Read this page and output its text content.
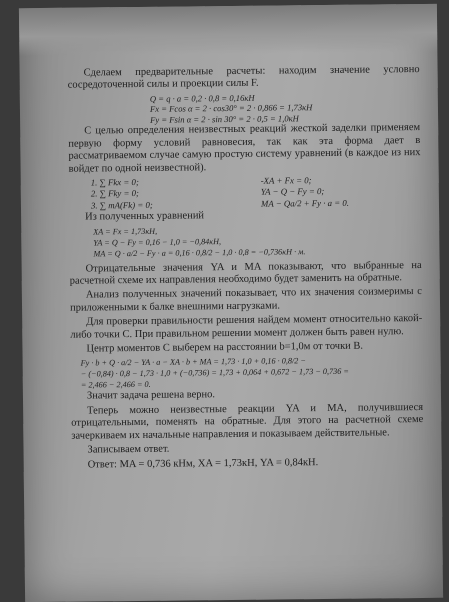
Сделаем предварительные расчеты: находим значение условно сосредоточенной силы и проекции силы F.

Q = q · a = 0,2 · 0,8 = 0,16кН

Fx = Fcos α = 2 · cos30° = 2 · 0,866 = 1,73кН

Fy = Fsin α = 2 · sin 30° = 2 · 0,5 = 1,0кН

С целью определения неизвестных реакций жесткой заделки применяем первую форму условий равновесия, так как эта форма дает в рассматриваемом случае самую простую систему уравнений (в каждое из них войдет по одной неизвестной).

1. ∑ Fkx = 0;	-XA + Fx = 0;
2. ∑ Fky = 0;	YA − Q − Fy = 0;
3. ∑ mA(Fk) = 0;	MA − Qa/2 + Fy · a = 0.

Из полученных уравнений

XA = Fx = 1,73кН,

YA = Q − Fy = 0,16 − 1,0 = −0,84кН,

MA = Q · a/2 − Fy · a = 0,16 · 0,8/2 − 1,0 · 0,8 = −0,736кН · м.

Отрицательные значения YA и MA показывают, что выбранные на расчетной схеме их направления необходимо будет заменить на обратные.

Анализ полученных значений показывает, что их значения соизмеримы с приложенными к балке внешними нагрузками.

Для проверки правильности решения найдем момент относительно какой-либо точки C. При правильном решении момент должен быть равен нулю.

Центр моментов C выберем на расстоянии b=1,0м от точки B.

Fy · b + Q · a/2 − YA · a − XA · b + MA = 1,73 · 1,0 + 0,16 · 0,8/2 −

− (−0,84) · 0,8 − 1,73 · 1,0 + (−0,736) = 1,73 + 0,064 + 0,672 − 1,73 − 0,736 =

= 2,466 − 2,466 = 0.

Значит задача решена верно.

Теперь можно неизвестные реакции YA и MA, получившиеся отрицательными, поменять на обратные. Для этого на расчетной схеме зачеркиваем их начальные направления и показываем действительные.

Записываем ответ.

Ответ: MA = 0,736 кНм, XA = 1,73кН, YA = 0,84кН.
